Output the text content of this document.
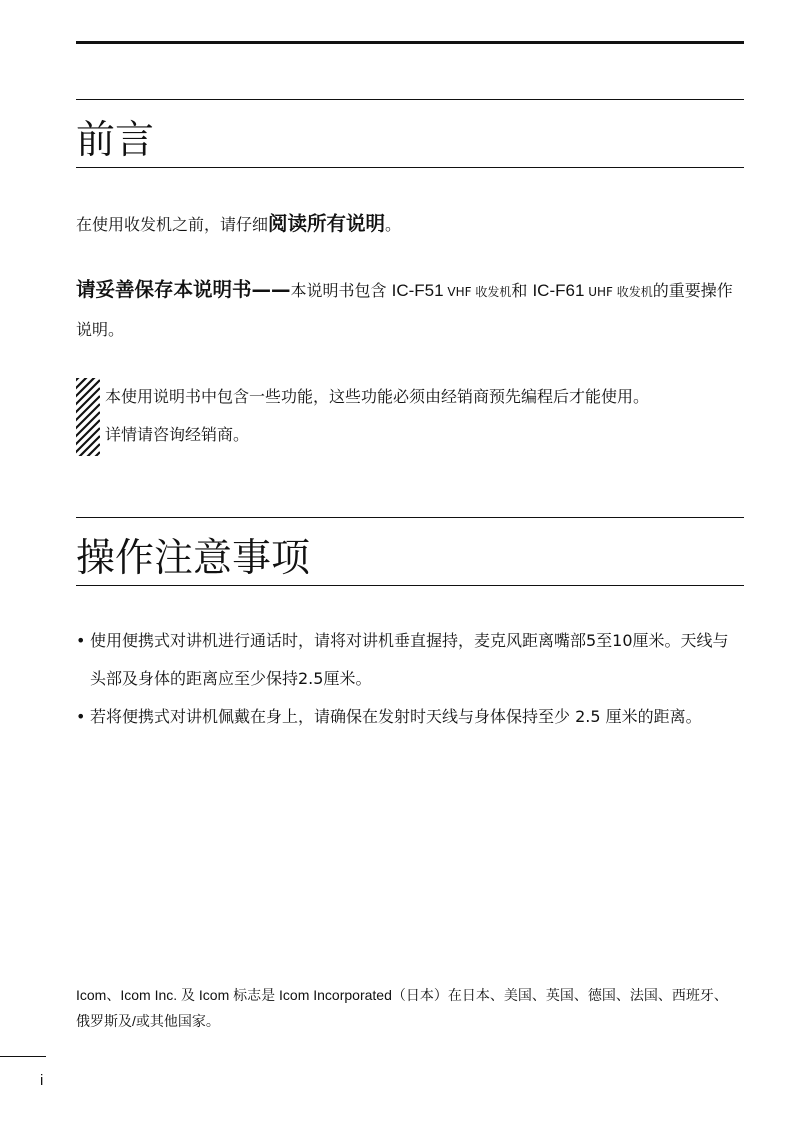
前言

在使用收发机之前，请仔细阅读所有说明。

请妥善保存本说明书——本说明书包含 IC-F51 VHF 收发机和 IC-F61 UHF 收发机的重要操作说明。

本使用说明书中包含一些功能，这些功能必须由经销商预先编程后才能使用。
详情请咨询经销商。

操作注意事项
• 使用便携式对讲机进行通话时，请将对讲机垂直握持，麦克风距离嘴部5至10厘米。天线与头部及身体的距离应至少保持2.5厘米。
• 若将便携式对讲机佩戴在身上，请确保在发射时天线与身体保持至少 2.5 厘米的距离。

Icom、Icom Inc. 及 Icom 标志是 Icom Incorporated（日本）在日本、美国、英国、德国、法国、西班牙、
俄罗斯及/或其他国家。

i
